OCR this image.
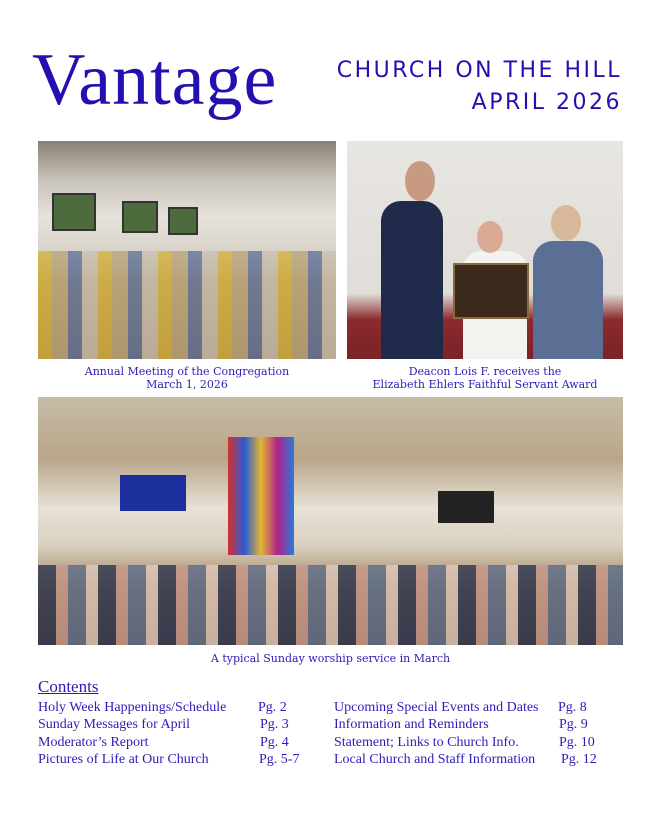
Vantage	CHURCH ON THE HILL
APRIL 2026
Annual Meeting of the Congregation
March 1, 2026
Deacon Lois F. receives the
Elizabeth Ehlers Faithful Servant Award
A typical Sunday worship service in March
Contents
Holy Week Happenings/Schedule Pg. 2
Sunday Messages for April	Pg. 3
Moderator’s Report	Pg. 4
Pictures of Life at Our Church	Pg. 5-7
Upcoming Special Events and Dates Pg. 8
Information and Reminders	Pg. 9
Statement; Links to Church Info.	Pg. 10
Local Church and Staff Information Pg. 12
